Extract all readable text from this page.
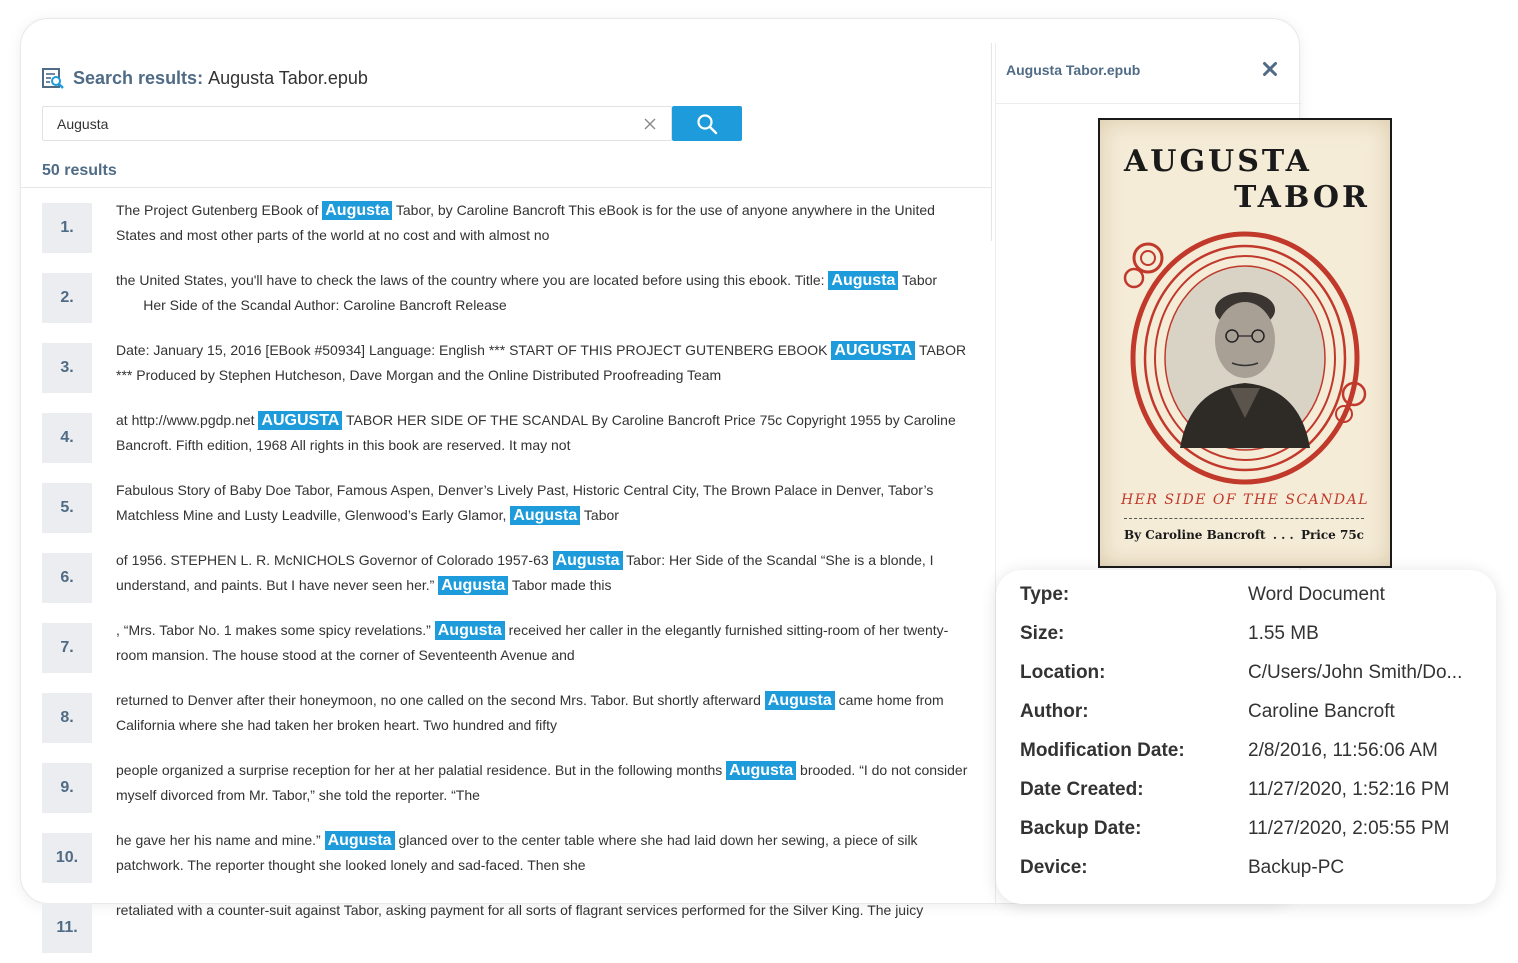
Search results: Augusta Tabor.epub
Augusta
50 results
1.
The Project Gutenberg EBook of Augusta Tabor, by Caroline Bancroft This eBook is for the use of anyone anywhere in the United States and most other parts of the world at no cost and with almost no
2.
the United States, you'll have to check the laws of the country where you are located before using this ebook. Title: Augusta Tabor        Her Side of the Scandal Author: Caroline Bancroft Release
3.
Date: January 15, 2016 [EBook #50934] Language: English *** START OF THIS PROJECT GUTENBERG EBOOK AUGUSTA TABOR *** Produced by Stephen Hutcheson, Dave Morgan and the Online Distributed Proofreading Team
4.
at http://www.pgdp.net AUGUSTA TABOR HER SIDE OF THE SCANDAL By Caroline Bancroft Price 75c Copyright 1955 by Caroline Bancroft. Fifth edition, 1968 All rights in this book are reserved. It may not
5.
Fabulous Story of Baby Doe Tabor, Famous Aspen, Denver’s Lively Past, Historic Central City, The Brown Palace in Denver, Tabor’s Matchless Mine and Lusty Leadville, Glenwood’s Early Glamor, Augusta Tabor
6.
of 1956. STEPHEN L. R. McNICHOLS Governor of Colorado 1957-63 Augusta Tabor: Her Side of the Scandal “She is a blonde, I understand, and paints. But I have never seen her.” Augusta Tabor made this
7.
, “Mrs. Tabor No. 1 makes some spicy revelations.” Augusta received her caller in the elegantly furnished sitting-room of her twenty-room mansion. The house stood at the corner of Seventeenth Avenue and
8.
returned to Denver after their honeymoon, no one called on the second Mrs. Tabor. But shortly afterward Augusta came home from California where she had taken her broken heart. Two hundred and fifty
9.
people organized a surprise reception for her at her palatial residence. But in the following months Augusta brooded. “I do not consider myself divorced from Mr. Tabor,” she told the reporter. “The
10.
he gave her his name and mine.” Augusta glanced over to the center table where she had laid down her sewing, a piece of silk patchwork. The reporter thought she looked lonely and sad-faced. Then she
11.
retaliated with a counter-suit against Tabor, asking payment for all sorts of flagrant services performed for the Silver King. The juicy
Augusta Tabor.epub
AUGUSTA
TABOR
HER SIDE OF THE SCANDAL
By Caroline Bancroft . . . Price 75c
Type:	Word Document
Size:	1.55 MB
Location:	C/Users/John Smith/Do...
Author:	Caroline Bancroft
Modification Date:	2/8/2016, 11:56:06 AM
Date Created:	11/27/2020, 1:52:16 PM
Backup Date:	11/27/2020, 2:05:55 PM
Device:	Backup-PC
